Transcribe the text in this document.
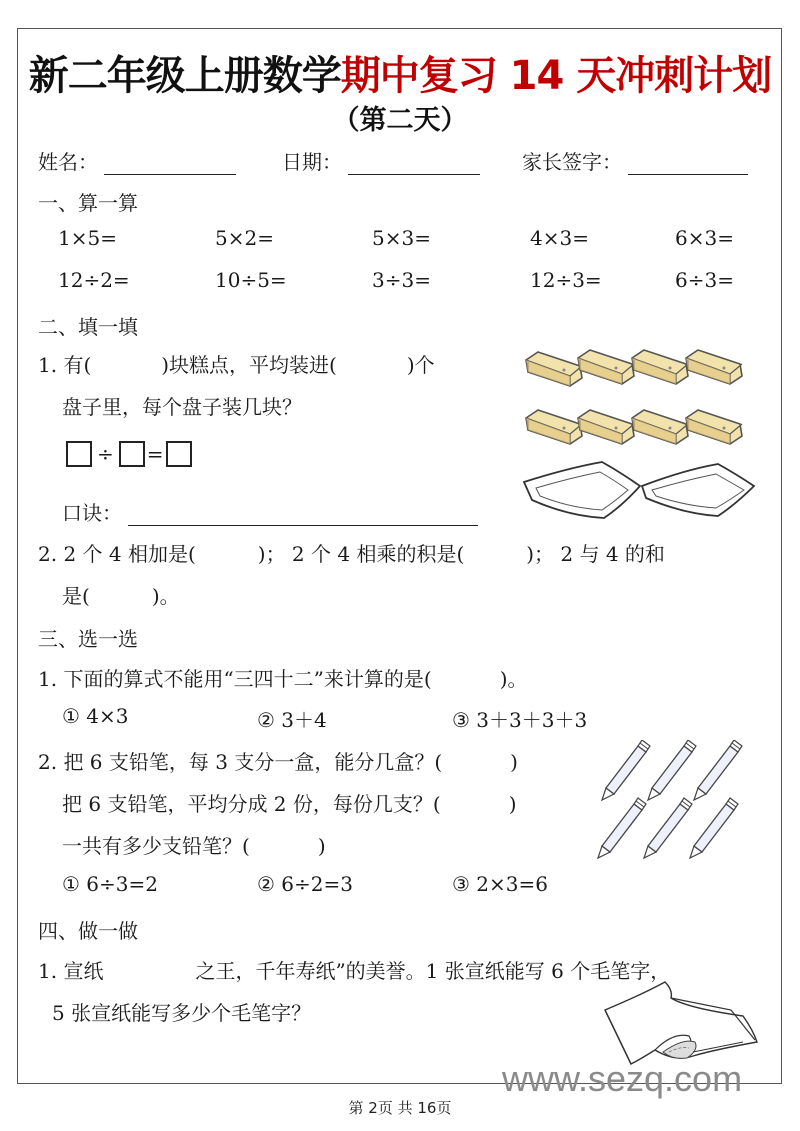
新二年级上册数学期中复习 14 天冲刺计划
（第二天）
姓名：	日期：	家长签字：
一、算一算
1×5=	5×2=	5×3=	4×3=	6×3=
12÷2=	10÷5=	3÷3=	12÷3=	6÷3=
二、填一填
1. 有(	)块糕点，平均装进(	)个
盘子里，每个盘子装几块？
÷ =
口诀：
2. 2 个 4 相加是(	)； 2 个 4 相乘的积是(	)； 2 与 4 的和
是(	)。
三、选一选
1. 下面的算式不能用“三四十二”来计算的是(	)。
① 4×3	② 3＋4	③ 3＋3＋3＋3
2. 把 6 支铅笔，每 3 支分一盒，能分几盒？(	)
把 6 支铅笔，平均分成 2 份，每份几支？(	)
一共有多少支铅笔？(	)
① 6÷3=2	② 6÷2=3	③ 2×3=6
四、做一做
1. 宣纸	之王，千年寿纸”的美誉。1 张宣纸能写 6 个毛笔字，
5 张宣纸能写多少个毛笔字？
www.sezq.com
第 2页 共 16页
